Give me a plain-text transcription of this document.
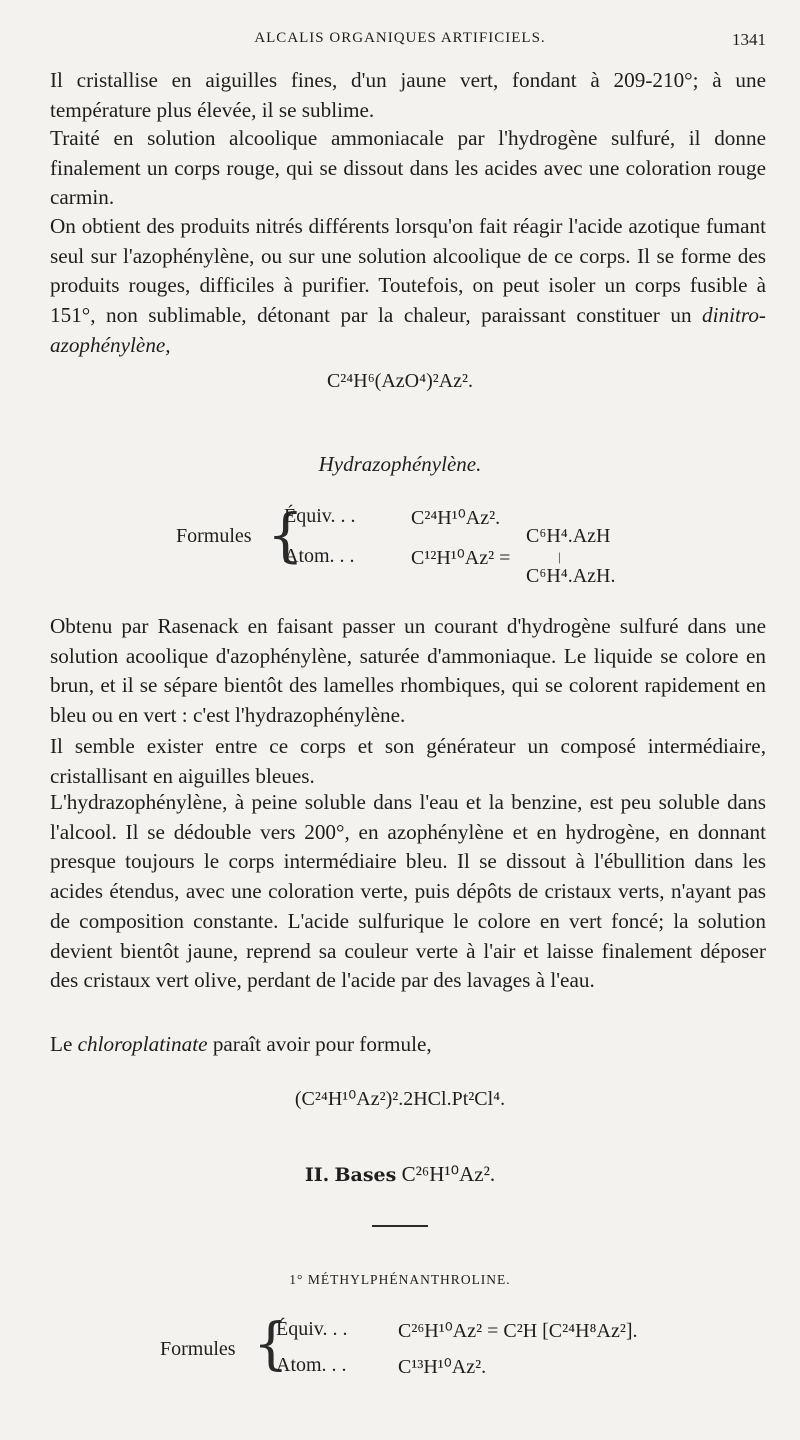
ALCALIS ORGANIQUES ARTIFICIELS.	1341

Il cristallise en aiguilles fines, d'un jaune vert, fondant à 209-210°; à une température plus élevée, il se sublime.

Traité en solution alcoolique ammoniacale par l'hydrogène sulfuré, il donne finalement un corps rouge, qui se dissout dans les acides avec une coloration rouge carmin.

On obtient des produits nitrés différents lorsqu'on fait réagir l'acide azotique fumant seul sur l'azophénylène, ou sur une solution alcoolique de ce corps. Il se forme des produits rouges, difficiles à purifier. Toutefois, on peut isoler un corps fusible à 151°, non sublimable, détonant par la chaleur, paraissant constituer un dinitro-azophénylène,

C²⁴H⁶(AzO⁴)²Az².
Hydrazophénylène.
Formules {
Équiv. . .	C²⁴H¹⁰Az².
Atom. . .	C¹²H¹⁰Az² =
C⁶H⁴.AzH
|
C⁶H⁴.AzH.

Obtenu par Rasenack en faisant passer un courant d'hydrogène sulfuré dans une solution acoolique d'azophénylène, saturée d'ammoniaque. Le liquide se colore en brun, et il se sépare bientôt des lamelles rhombiques, qui se colorent rapidement en bleu ou en vert : c'est l'hydrazophénylène.

Il semble exister entre ce corps et son générateur un composé intermédiaire, cristallisant en aiguilles bleues.

L'hydrazophénylène, à peine soluble dans l'eau et la benzine, est peu soluble dans l'alcool. Il se dédouble vers 200°, en azophénylène et en hydrogène, en donnant presque toujours le corps intermédiaire bleu. Il se dissout à l'ébullition dans les acides étendus, avec une coloration verte, puis dépôts de cristaux verts, n'ayant pas de composition constante. L'acide sulfurique le colore en vert foncé; la solution devient bientôt jaune, reprend sa couleur verte à l'air et laisse finalement déposer des cristaux vert olive, perdant de l'acide par des lavages à l'eau.

Le chloroplatinate paraît avoir pour formule,

(C²⁴H¹⁰Az²)².2HCl.Pt²Cl⁴.
II. Bases C²⁶H¹⁰Az².
1° MÉTHYLPHÉNANTHROLINE.
Formules {
Équiv. . .	C²⁶H¹⁰Az² = C²H [C²⁴H⁸Az²].
Atom. . .	C¹³H¹⁰Az².
